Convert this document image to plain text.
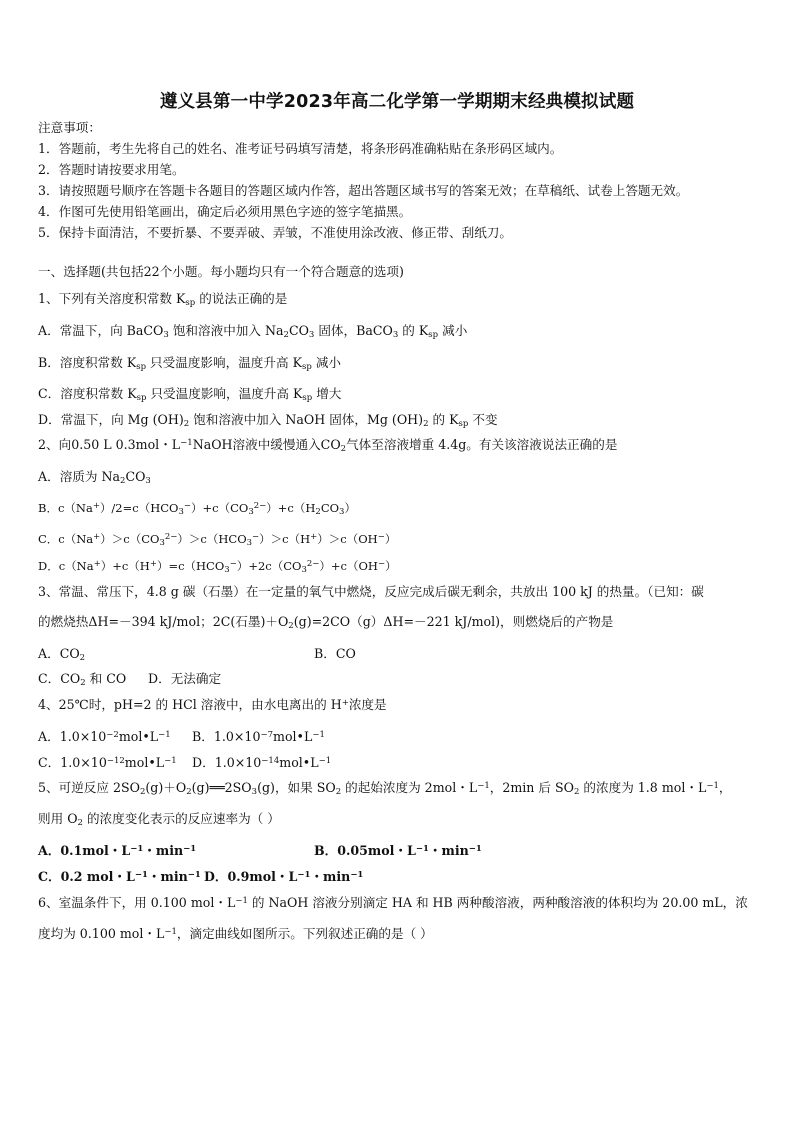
遵义县第一中学2023年高二化学第一学期期末经典模拟试题
注意事项：
1．答题前，考生先将自己的姓名、准考证号码填写清楚，将条形码准确粘贴在条形码区域内。
2．答题时请按要求用笔。
3．请按照题号顺序在答题卡各题目的答题区域内作答，超出答题区域书写的答案无效；在草稿纸、试卷上答题无效。
4．作图可先使用铅笔画出，确定后必须用黑色字迹的签字笔描黑。
5．保持卡面清洁，不要折暴、不要弄破、弄皱，不准使用涂改液、修正带、刮纸刀。
一、选择题(共包括22个小题。每小题均只有一个符合题意的选项)
1、下列有关溶度积常数 $K_{sp}$ 的说法正确的是
A．常温下，向 BaCO$_3$ 饱和溶液中加入 $Na_2CO_3$ 固体，BaCO$_3$ 的 $K_{sp}$ 减小
B．溶度积常数 $K_{sp}$ 只受温度影响，温度升高 $K_{sp}$ 减小
C．溶度积常数 $K_{sp}$ 只受温度影响，温度升高 $K_{sp}$ 增大
D．常温下，向 Mg $(OH)_2$ 饱和溶液中加入 NaOH 固体，Mg $(OH)_2$ 的 $K_{sp}$ 不变
2、向0.50 L 0.3mol・$L^{-1}NaOH$溶液中缓慢通入$CO_2$气体至溶液增重 4.4g。有关该溶液说法正确的是
A．溶质为 $Na_2CO_3$
B．$c(Na^+)/2=c(HCO_3^-)+c(CO_3^{2-})+c(H_2CO_3)$
C．$c(Na^+)>c(CO_3^{2-})>c(HCO_3^-)>c(H^+)>c(OH^-)$
D．$c(Na^+)+c(H^+)=c(HCO_3^-)+2c(CO_3^{2-})+c(OH^-)$
3、常温、常压下，4.8 g 碳（石墨）在一定量的氧气中燃烧，反应完成后碳无剩余，共放出 100 kJ 的热量。（已知：碳
的燃烧热ΔH=－394 kJ/mol；2C(石墨)$+O_2(g)=2CO(g)\Delta H=-221$ kJ/mol)，则燃烧后的产物是
A．$CO_2$	B．CO
C．$CO_2$ 和 CO D．无法确定
4、25℃时，pH=2 的 HCl 溶液中，由水电离出的 H+浓度是
A．$1.0\times 10^{-2}mol•L^{-1}$ B．$1.0\times 10^{-7}mol•L^{-1}$
C．$1.0\times 10^{-12}mol•L^{-1}$ D．$1.0\times 10^{-14}mol•L^{-1}$
5、可逆反应 $2SO_2(g)+O_2(g)══2SO_3(g)$，如果 $SO_2$ 的起始浓度为 2mol・$L^{-1}$，2min 后 $SO_2$ 的浓度为 1.8 mol・$L^{-1}$，
则用 $O_2$ 的浓度变化表示的反应速率为（ ）
A．0.1mol・$L^{-1}$・$\min^{-1}$	B．0.05mol・$L^{-1}$・$\min^{-1}$
C．0.2 mol・$L^{-1}$・$\min^{-1} D$．0.9mol・$L^{-1}$・$\min^{-1}$
6、室温条件下，用 0.100 mol・$L^{-1}$ 的 NaOH 溶液分别滴定 HA 和 HB 两种酸溶液，两种酸溶液的体积均为 20.00 mL，浓
度均为 0.100 mol・$L^{-1}$，滴定曲线如图所示。下列叙述正确的是（ ）
